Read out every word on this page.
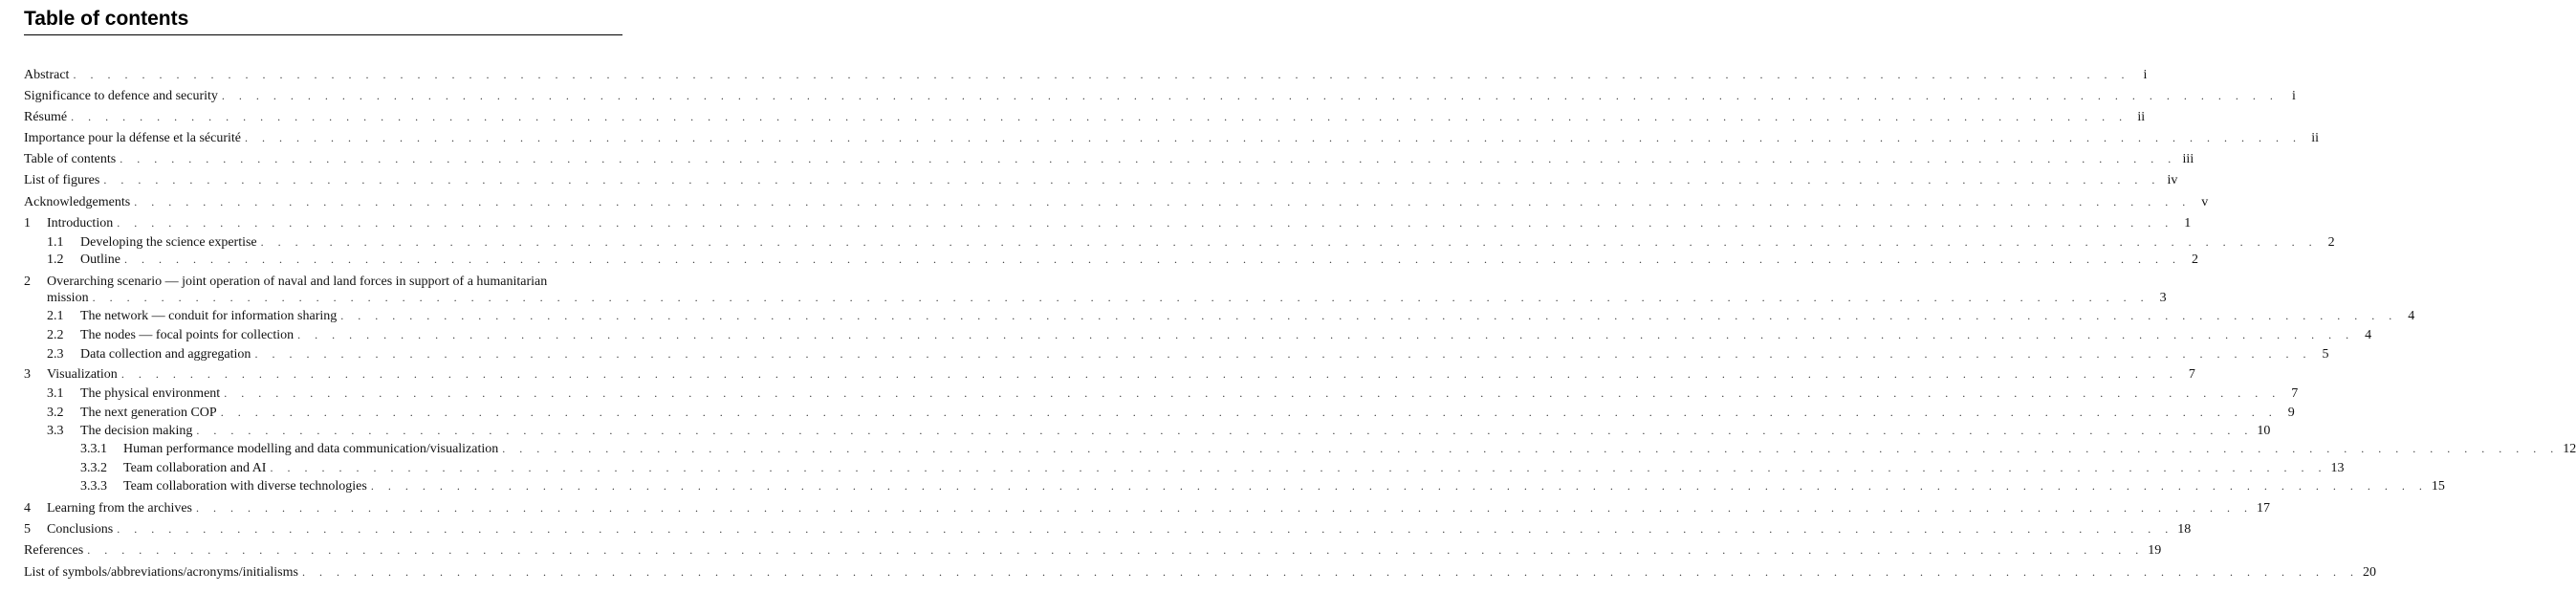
Table of contents
Abstract . . . . . . . . . . . . . . . . . . . . . . . . . . . . . . . . . . . . . . . . . . . . . . . . . . . . . . . . . . . . . . . . . . . . . . . . . . . . . . . . . . . . . . . . . . . . . . . . . . . . . . . . . . . . . . . . . . . . . . . .	i
Significance to defence and security . . . . . . . . . . . . . . . . . . . . . . . . . . . . . . . . . . . . . . . . . . . . . . . . . . . . . . . . . . . . . . . . . . . . . . . . . . . . . . . . . . . . . . . . . . . . . . . . . . . . . . . . . . . . . . . . . . . . . . . .	i
Résumé . . . . . . . . . . . . . . . . . . . . . . . . . . . . . . . . . . . . . . . . . . . . . . . . . . . . . . . . . . . . . . . . . . . . . . . . . . . . . . . . . . . . . . . . . . . . . . . . . . . . . . . . . . . . . . . . . . . . . . . . ii
Importance pour la défense et la sécurité . . . . . . . . . . . . . . . . . . . . . . . . . . . . . . . . . . . . . . . . . . . . . . . . . . . . . . . . . . . . . . . . . . . . . . . . . . . . . . . . . . . . . . . . . . . . . . . . . . . . . . . . . . . . . . . . . . . . . . . . ii
Table of contents . . . . . . . . . . . . . . . . . . . . . . . . . . . . . . . . . . . . . . . . . . . . . . . . . . . . . . . . . . . . . . . . . . . . . . . . . . . . . . . . . . . . . . . . . . . . . . . . . . . . . . . . . . . . . . . . . . . . . . . . iii
List of figures . . . . . . . . . . . . . . . . . . . . . . . . . . . . . . . . . . . . . . . . . . . . . . . . . . . . . . . . . . . . . . . . . . . . . . . . . . . . . . . . . . . . . . . . . . . . . . . . . . . . . . . . . . . . . . . . . . . . . . . . iv
Acknowledgements . . . . . . . . . . . . . . . . . . . . . . . . . . . . . . . . . . . . . . . . . . . . . . . . . . . . . . . . . . . . . . . . . . . . . . . . . . . . . . . . . . . . . . . . . . . . . . . . . . . . . . . . . . . . . . . . . . . . . . . . v
1	Introduction . . . . . . . . . . . . . . . . . . . . . . . . . . . . . . . . . . . . . . . . . . . . . . . . . . . . . . . . . . . . . . . . . . . . . . . . . . . . . . . . . . . . . . . . . . . . . . . . . . . . . . . . . . . . . . . . . . . . . . . . 1
1.1	Developing the science expertise . . . . . . . . . . . . . . . . . . . . . . . . . . . . . . . . . . . . . . . . . . . . . . . . . . . . . . . . . . . . . . . . . . . . . . . . . . . . . . . . . . . . . . . . . . . . . . . . . . . . . . . . . . . . . . . . . . . . . . . . 2
1.2	Outline . . . . . . . . . . . . . . . . . . . . . . . . . . . . . . . . . . . . . . . . . . . . . . . . . . . . . . . . . . . . . . . . . . . . . . . . . . . . . . . . . . . . . . . . . . . . . . . . . . . . . . . . . . . . . . . . . . . . . . . . 2
2	Overarching scenario — joint operation of naval and land forces in support of a humanitarian
mission . . . . . . . . . . . . . . . . . . . . . . . . . . . . . . . . . . . . . . . . . . . . . . . . . . . . . . . . . . . . . . . . . . . . . . . . . . . . . . . . . . . . . . . . . . . . . . . . . . . . . . . . . . . . . . . . . . . . . . . . 3
2.1	The network — conduit for information sharing . . . . . . . . . . . . . . . . . . . . . . . . . . . . . . . . . . . . . . . . . . . . . . . . . . . . . . . . . . . . . . . . . . . . . . . . . . . . . . . . . . . . . . . . . . . . . . . . . . . . . . . . . . . . . . . . . . . . . . . . 4
2.2	The nodes — focal points for collection . . . . . . . . . . . . . . . . . . . . . . . . . . . . . . . . . . . . . . . . . . . . . . . . . . . . . . . . . . . . . . . . . . . . . . . . . . . . . . . . . . . . . . . . . . . . . . . . . . . . . . . . . . . . . . . . . . . . . . . . 4
2.3	Data collection and aggregation . . . . . . . . . . . . . . . . . . . . . . . . . . . . . . . . . . . . . . . . . . . . . . . . . . . . . . . . . . . . . . . . . . . . . . . . . . . . . . . . . . . . . . . . . . . . . . . . . . . . . . . . . . . . . . . . . . . . . . . . 5
3	Visualization . . . . . . . . . . . . . . . . . . . . . . . . . . . . . . . . . . . . . . . . . . . . . . . . . . . . . . . . . . . . . . . . . . . . . . . . . . . . . . . . . . . . . . . . . . . . . . . . . . . . . . . . . . . . . . . . . . . . . . . . 7
3.1	The physical environment . . . . . . . . . . . . . . . . . . . . . . . . . . . . . . . . . . . . . . . . . . . . . . . . . . . . . . . . . . . . . . . . . . . . . . . . . . . . . . . . . . . . . . . . . . . . . . . . . . . . . . . . . . . . . . . . . . . . . . . . 7
3.2	The next generation COP . . . . . . . . . . . . . . . . . . . . . . . . . . . . . . . . . . . . . . . . . . . . . . . . . . . . . . . . . . . . . . . . . . . . . . . . . . . . . . . . . . . . . . . . . . . . . . . . . . . . . . . . . . . . . . . . . . . . . . . . 9
3.3	The decision making . . . . . . . . . . . . . . . . . . . . . . . . . . . . . . . . . . . . . . . . . . . . . . . . . . . . . . . . . . . . . . . . . . . . . . . . . . . . . . . . . . . . . . . . . . . . . . . . . . . . . . . . . . . . . . . . . . . . . . . . 10
3.3.1	Human performance modelling and data communication/visualization . . . . . . . . . . . . . . . . . . . . . . . . . . . . . . . . . . . . . . . . . . . . . . . . . . . . . . . . . . . . . . . . . . . . . . . . . . . . . . . . . . . . . . . . . . . . . . . . . . . . . . . . . . . . . . . . . . . . . . . . 12
3.3.2	Team collaboration and AI . . . . . . . . . . . . . . . . . . . . . . . . . . . . . . . . . . . . . . . . . . . . . . . . . . . . . . . . . . . . . . . . . . . . . . . . . . . . . . . . . . . . . . . . . . . . . . . . . . . . . . . . . . . . . . . . . . . . . . . . 13
3.3.3	Team collaboration with diverse technologies . . . . . . . . . . . . . . . . . . . . . . . . . . . . . . . . . . . . . . . . . . . . . . . . . . . . . . . . . . . . . . . . . . . . . . . . . . . . . . . . . . . . . . . . . . . . . . . . . . . . . . . . . . . . . . . . . . . . . . . . 15
4	Learning from the archives . . . . . . . . . . . . . . . . . . . . . . . . . . . . . . . . . . . . . . . . . . . . . . . . . . . . . . . . . . . . . . . . . . . . . . . . . . . . . . . . . . . . . . . . . . . . . . . . . . . . . . . . . . . . . . . . . . . . . . . . 17
5	Conclusions . . . . . . . . . . . . . . . . . . . . . . . . . . . . . . . . . . . . . . . . . . . . . . . . . . . . . . . . . . . . . . . . . . . . . . . . . . . . . . . . . . . . . . . . . . . . . . . . . . . . . . . . . . . . . . . . . . . . . . . . 18
References . . . . . . . . . . . . . . . . . . . . . . . . . . . . . . . . . . . . . . . . . . . . . . . . . . . . . . . . . . . . . . . . . . . . . . . . . . . . . . . . . . . . . . . . . . . . . . . . . . . . . . . . . . . . . . . . . . . . . . . . 19
List of symbols/abbreviations/acronyms/initialisms . . . . . . . . . . . . . . . . . . . . . . . . . . . . . . . . . . . . . . . . . . . . . . . . . . . . . . . . . . . . . . . . . . . . . . . . . . . . . . . . . . . . . . . . . . . . . . . . . . . . . . . . . . . . . . . . . . . . . . . . 20
